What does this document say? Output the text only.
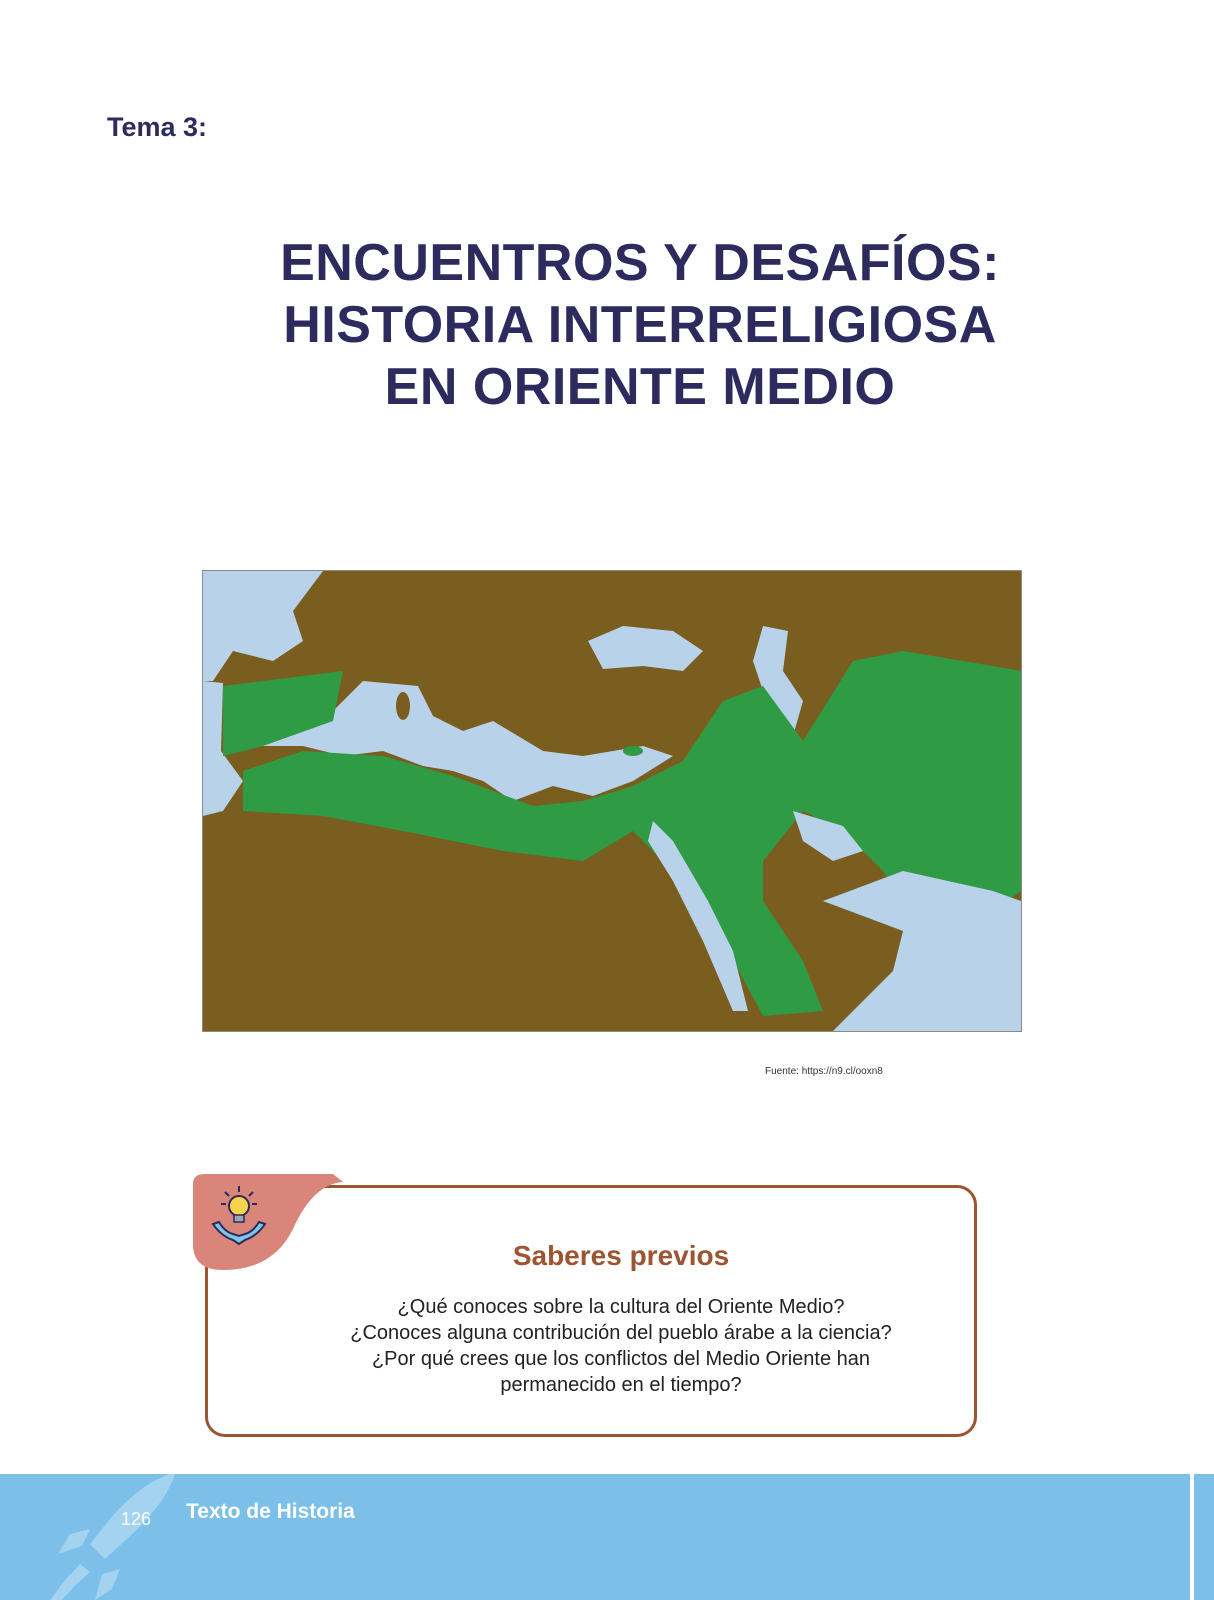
Tema 3:
ENCUENTROS Y DESAFÍOS:
HISTORIA INTERRELIGIOSA
EN ORIENTE MEDIO
Fuente: https://n9.cl/ooxn8
Saberes previos
¿Qué conoces sobre la cultura del Oriente Medio?
¿Conoces alguna contribución del pueblo árabe a la ciencia?
¿Por qué crees que los conflictos del Medio Oriente han
permanecido en el tiempo?
126 Texto de Historia
